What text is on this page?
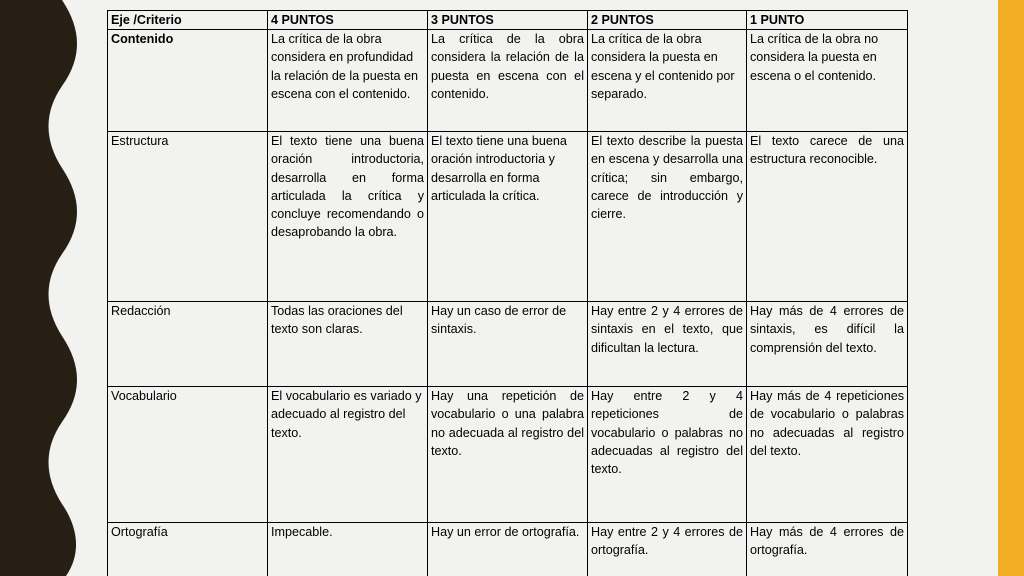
Eje /Criterio	4 PUNTOS	3 PUNTOS	2 PUNTOS	1 PUNTO
Contenido	La crítica de la obra considera en profundidad la relación de la puesta en escena con el contenido.	La crítica de la obra considera la relación de la puesta en escena con el contenido.	La crítica de la obra considera la puesta en escena y el contenido por separado.	La crítica de la obra no considera la puesta en escena o el contenido.
Estructura	El texto tiene una buena oración introductoria, desarrolla en forma articulada la crítica y concluye recomendando o desaprobando la obra.	El texto tiene una buena oración introductoria y desarrolla en forma articulada la crítica.	El texto describe la puesta en escena y desarrolla una crítica; sin embargo, carece de introducción y cierre.	El texto carece de una estructura reconocible.
Redacción	Todas las oraciones del texto son claras.	Hay un caso de error de sintaxis.	Hay entre 2 y 4 errores de sintaxis en el texto, que dificultan la lectura.	Hay más de 4 errores de sintaxis, es difícil la comprensión del texto.
Vocabulario	El vocabulario es variado y adecuado al registro del texto.	Hay una repetición de vocabulario o una palabra no adecuada al registro del texto.	Hay entre 2 y 4 repeticiones de vocabulario o palabras no adecuadas al registro del texto.	Hay más de 4 repeticiones de vocabulario o palabras no adecuadas al registro del texto.
Ortografía	Impecable.	Hay un error de ortografía.	Hay entre 2 y 4 errores de ortografía.	Hay más de 4 errores de ortografía.
